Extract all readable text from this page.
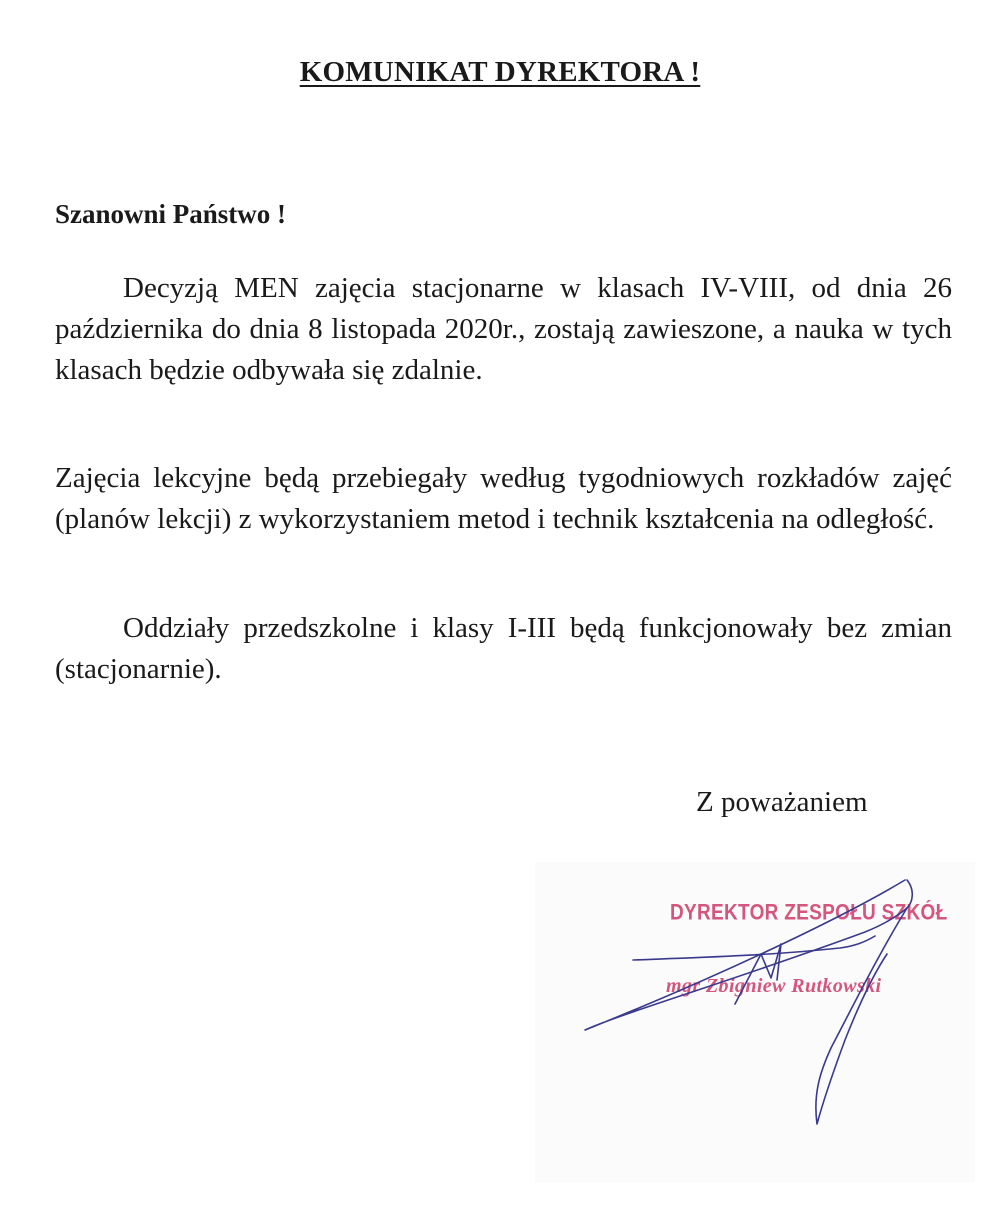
KOMUNIKAT DYREKTORA !
Szanowni Państwo !

Decyzją MEN zajęcia stacjonarne w klasach IV-VIII, od dnia 26 października do dnia 8 listopada 2020r., zostają zawieszone, a nauka w tych klasach będzie odbywała się zdalnie.

Zajęcia lekcyjne będą przebiegały według tygodniowych rozkładów zajęć (planów lekcji) z wykorzystaniem metod i technik kształcenia na odległość.

Oddziały przedszkolne i klasy I-III będą funkcjonowały bez zmian (stacjonarnie).

Z poważaniem
DYREKTOR ZESPOŁU SZKÓŁ
mgr Zbigniew Rutkowski
